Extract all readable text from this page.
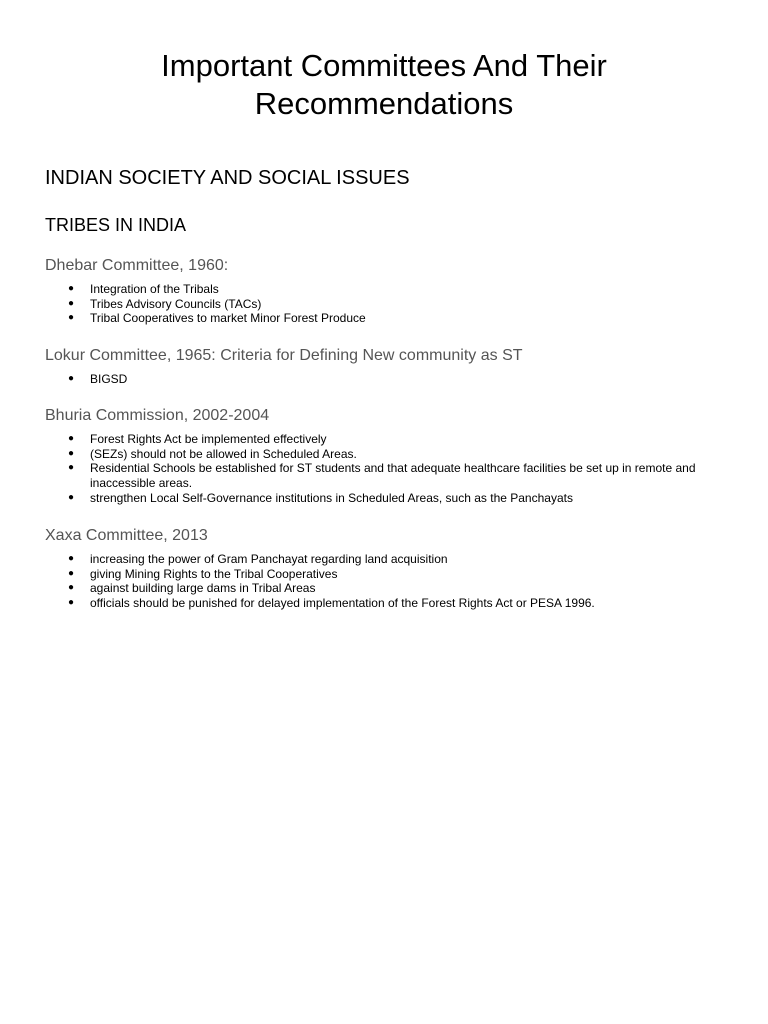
Important Committees And Their
Recommendations
INDIAN SOCIETY AND SOCIAL ISSUES
TRIBES IN INDIA
Dhebar Committee, 1960:
● Integration of the Tribals
● Tribes Advisory Councils (TACs)
● Tribal Cooperatives to market Minor Forest Produce
Lokur Committee, 1965: Criteria for Defining New community as ST
● BIGSD
Bhuria Commission, 2002-2004
● Forest Rights Act be implemented effectively
● (SEZs) should not be allowed in Scheduled Areas.
● Residential Schools be established for ST students and that adequate healthcare facilities be set up in remote and inaccessible areas.
● strengthen Local Self-Governance institutions in Scheduled Areas, such as the Panchayats
Xaxa Committee, 2013
● increasing the power of Gram Panchayat regarding land acquisition
● giving Mining Rights to the Tribal Cooperatives
● against building large dams in Tribal Areas
● officials should be punished for delayed implementation of the Forest Rights Act or PESA 1996.
